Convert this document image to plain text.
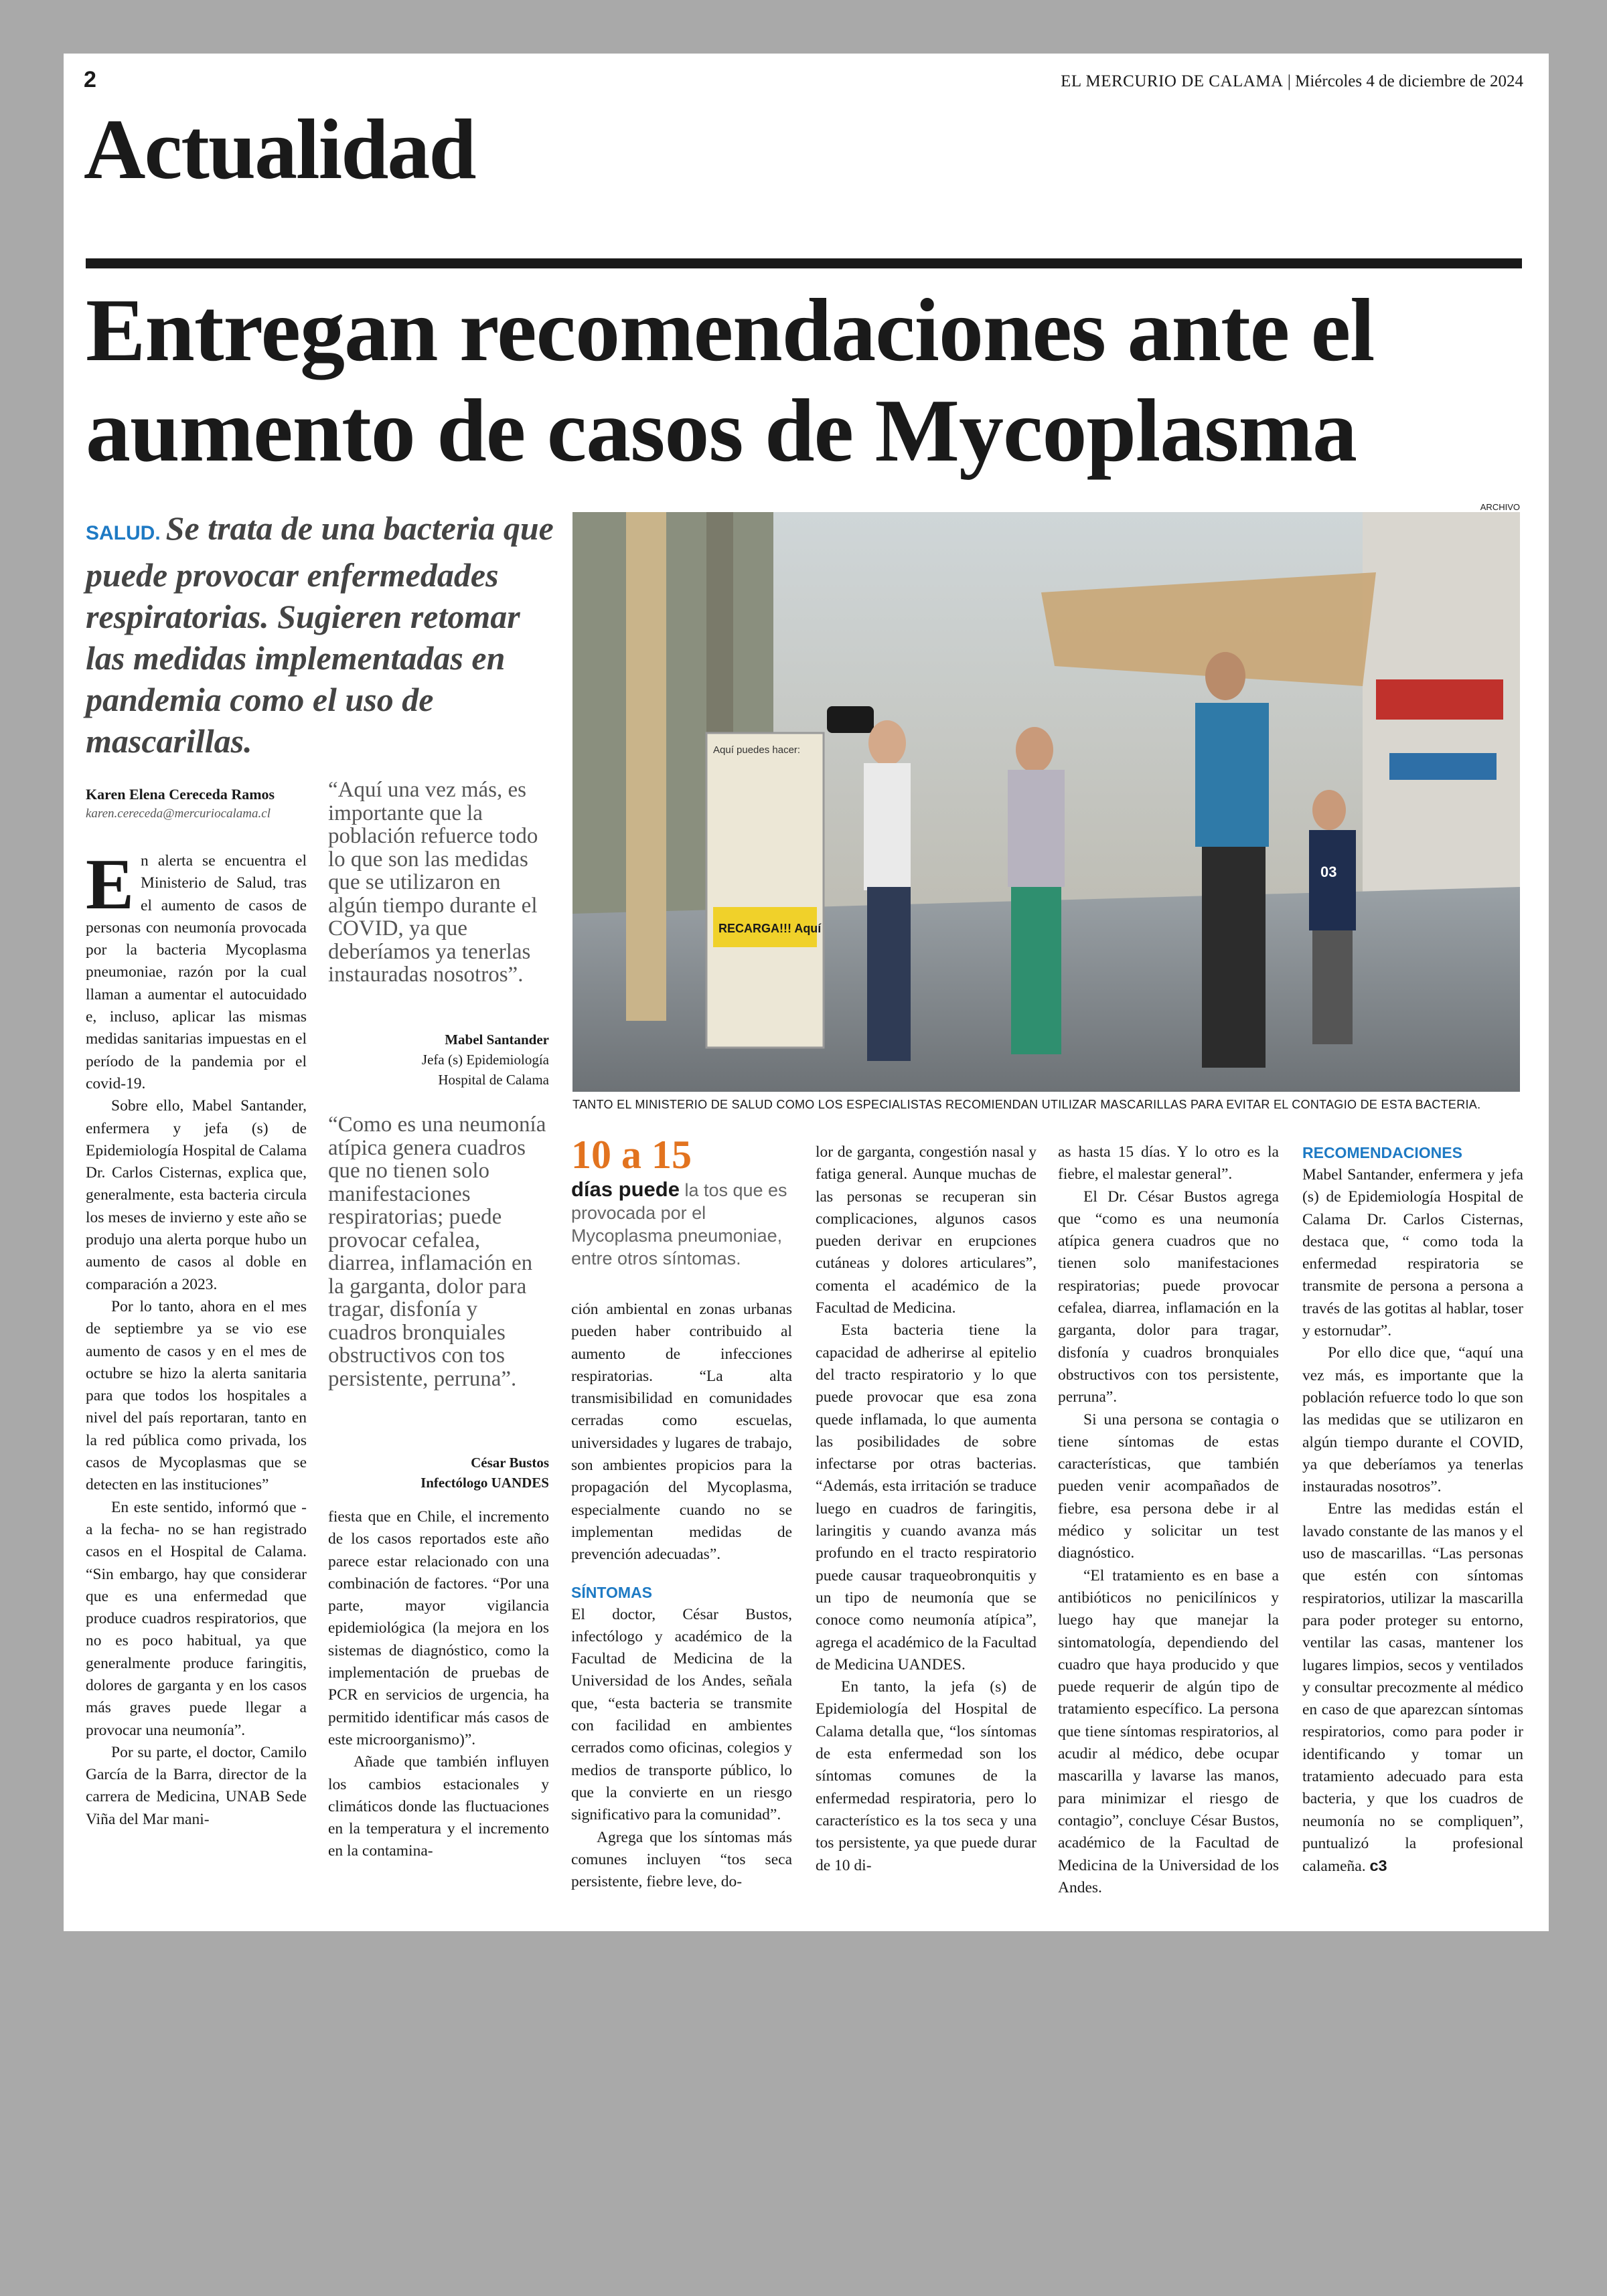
2	EL MERCURIO DE CALAMA | Miércoles 4 de diciembre de 2024
Actualidad
Entregan recomendaciones ante el aumento de casos de Mycoplasma
SALUD. Se trata de una bacteria que puede provocar enfermedades respiratorias. Sugieren retomar las medidas implementadas en pandemia como el uso de mascarillas.
Karen Elena Cereceda Ramos
karen.cereceda@mercuriocalama.cl

En alerta se encuentra el Ministerio de Salud, tras el aumento de casos de personas con neumonía provocada por la bacteria Mycoplasma pneumoniae, razón por la cual llaman a aumentar el autocuidado e, incluso, aplicar las mismas medidas sanitarias impuestas en el período de la pandemia por el covid-19.

Sobre ello, Mabel Santander, enfermera y jefa (s) de Epidemiología Hospital de Calama Dr. Carlos Cisternas, explica que, generalmente, esta bacteria circula los meses de invierno y este año se produjo una alerta porque hubo un aumento de casos al doble en comparación a 2023.

Por lo tanto, ahora en el mes de septiembre ya se vio ese aumento de casos y en el mes de octubre se hizo la alerta sanitaria para que todos los hospitales a nivel del país reportaran, tanto en la red pública como privada, los casos de Mycoplasmas que se detecten en las instituciones”

En este sentido, informó que - a la fecha- no se han registrado casos en el Hospital de Calama. “Sin embargo, hay que considerar que es una enfermedad que produce cuadros respiratorios, que no es poco habitual, ya que generalmente produce faringitis, dolores de garganta y en los casos más graves puede llegar a provocar una neumonía”.

Por su parte, el doctor, Camilo García de la Barra, director de la carrera de Medicina, UNAB Sede Viña del Mar mani-

“Aquí una vez más, es importante que la población refuerce todo lo que son las medidas que se utilizaron en algún tiempo durante el COVID, ya que deberíamos ya tenerlas instauradas nosotros”.
Mabel Santander
Jefa (s) Epidemiología
Hospital de Calama
“Como es una neumonía atípica genera cuadros que no tienen solo manifestaciones respiratorias; puede provocar cefalea, diarrea, inflamación en la garganta, dolor para tragar, disfonía y cuadros bronquiales obstructivos con tos persistente, perruna”.
César Bustos
Infectólogo UANDES

fiesta que en Chile, el incremento de los casos reportados este año parece estar relacionado con una combinación de factores. “Por una parte, mayor vigilancia epidemiológica (la mejora en los sistemas de diagnóstico, como la implementación de pruebas de PCR en servicios de urgencia, ha permitido identificar más casos de este microorganismo)”.

Añade que también influyen los cambios estacionales y climáticos donde las fluctuaciones en la temperatura y el incremento en la contamina-

ARCHIVO
Aquí puedes hacer:
RECARGA!!! Aquí
03
TANTO EL MINISTERIO DE SALUD COMO LOS ESPECIALISTAS RECOMIENDAN UTILIZAR MASCARILLAS PARA EVITAR EL CONTAGIO DE ESTA BACTERIA.
10 a 15
días puede la tos que es provocada por el Mycoplasma pneumoniae, entre otros síntomas.

ción ambiental en zonas urbanas pueden haber contribuido al aumento de infecciones respiratorias. “La alta transmisibilidad en comunidades cerradas como escuelas, universidades y lugares de trabajo, son ambientes propicios para la propagación del Mycoplasma, especialmente cuando no se implementan medidas de prevención adecuadas”.

SÍNTOMAS

El doctor, César Bustos, infectólogo y académico de la Facultad de Medicina de la Universidad de los Andes, señala que, “esta bacteria se transmite con facilidad en ambientes cerrados como oficinas, colegios y medios de transporte público, lo que la convierte en un riesgo significativo para la comunidad”.

Agrega que los síntomas más comunes incluyen “tos seca persistente, fiebre leve, do-

lor de garganta, congestión nasal y fatiga general. Aunque muchas de las personas se recuperan sin complicaciones, algunos casos pueden derivar en erupciones cutáneas y dolores articulares”, comenta el académico de la Facultad de Medicina.

Esta bacteria tiene la capacidad de adherirse al epitelio del tracto respiratorio y lo que puede provocar que esa zona quede inflamada, lo que aumenta las posibilidades de sobre infectarse por otras bacterias. “Además, esta irritación se traduce luego en cuadros de faringitis, laringitis y cuando avanza más profundo en el tracto respiratorio puede causar traqueobronquitis y un tipo de neumonía que se conoce como neumonía atípica”, agrega el académico de la Facultad de Medicina UANDES.

En tanto, la jefa (s) de Epidemiología del Hospital de Calama detalla que, “los síntomas de esta enfermedad son los síntomas comunes de la enfermedad respiratoria, pero lo característico es la tos seca y una tos persistente, ya que puede durar de 10 di-

as hasta 15 días. Y lo otro es la fiebre, el malestar general”.

El Dr. César Bustos agrega que “como es una neumonía atípica genera cuadros que no tienen solo manifestaciones respiratorias; puede provocar cefalea, diarrea, inflamación en la garganta, dolor para tragar, disfonía y cuadros bronquiales obstructivos con tos persistente, perruna”.

Si una persona se contagia o tiene síntomas de estas características, que también pueden venir acompañados de fiebre, esa persona debe ir al médico y solicitar un test diagnóstico.

“El tratamiento es en base a antibióticos no penicilínicos y luego hay que manejar la sintomatología, dependiendo del cuadro que haya producido y que puede requerir de algún tipo de tratamiento específico. La persona que tiene síntomas respiratorios, al acudir al médico, debe ocupar mascarilla y lavarse las manos, para minimizar el riesgo de contagio”, concluye César Bustos, académico de la Facultad de Medicina de la Universidad de los Andes.

RECOMENDACIONES

Mabel Santander, enfermera y jefa (s) de Epidemiología Hospital de Calama Dr. Carlos Cisternas, destaca que, “ como toda la enfermedad respiratoria se transmite de persona a persona a través de las gotitas al hablar, toser y estornudar”.

Por ello dice que, “aquí una vez más, es importante que la población refuerce todo lo que son las medidas que se utilizaron en algún tiempo durante el COVID, ya que deberíamos ya tenerlas instauradas nosotros”.

Entre las medidas están el lavado constante de las manos y el uso de mascarillas. “Las personas que estén con síntomas respiratorios, utilizar la mascarilla para poder proteger su entorno, ventilar las casas, mantener los lugares limpios, secos y ventilados y consultar precozmente al médico en caso de que aparezcan síntomas respiratorios, como para poder ir identificando y tomar un tratamiento adecuado para esta bacteria, y que los cuadros de neumonía no se compliquen”, puntualizó la profesional calameña. c3
